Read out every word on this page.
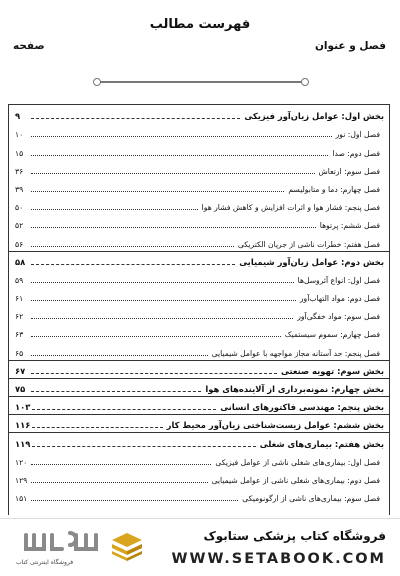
فهرست مطالب
فصل و عنوان
صفحه
بخش اول: عوامل زیان‌آور فیزیکی
۹
فصل اول: نور
۱۰
فصل دوم: صدا
۱۵
فصل سوم: ارتعاش
۳۶
فصل چهارم: دما و متابولیسم
۳۹
فصل پنجم: فشار هوا و اثرات افزایش و کاهش فشار هوا
۵۰
فصل ششم: پرتوها
۵۲
فصل هفتم: خطرات ناشی از جریان الکتریکی
۵۶
بخش دوم: عوامل زیان‌آور شیمیایی
۵۸
فصل اول: انواع آئروسل‌ها
۵۹
فصل دوم: مواد التهاب‌آور
۶۱
فصل سوم: مواد خفگی‌آور
۶۲
فصل چهارم: سموم سیستمیک
۶۳
فصل پنجم: حد آستانه مجاز مواجهه با عوامل شیمیایی
۶۵
بخش سوم: تهویه صنعتی
۶۷
بخش چهارم: نمونه‌برداری از آلاینده‌های هوا
۷۵
بخش پنجم: مهندسی فاکتورهای انسانی
۱۰۳
بخش ششم: عوامل زیست‌شناختی زیان‌آور محیط کار
۱۱۶
بخش هفتم: بیماری‌های شغلی
۱۱۹
فصل اول: بیماری‌های شغلی ناشی از عوامل فیزیکی
۱۲۰
فصل دوم: بیماری‌های شغلی ناشی از عوامل شیمیایی
۱۲۹
فصل سوم: بیماری‌های ناشی از ارگونومیکی
۱۵۱
فروشگاه اینترنتی کتاب
فروشگاه کتاب پزشکی ستابوک
WWW.SETABOOK.COM
